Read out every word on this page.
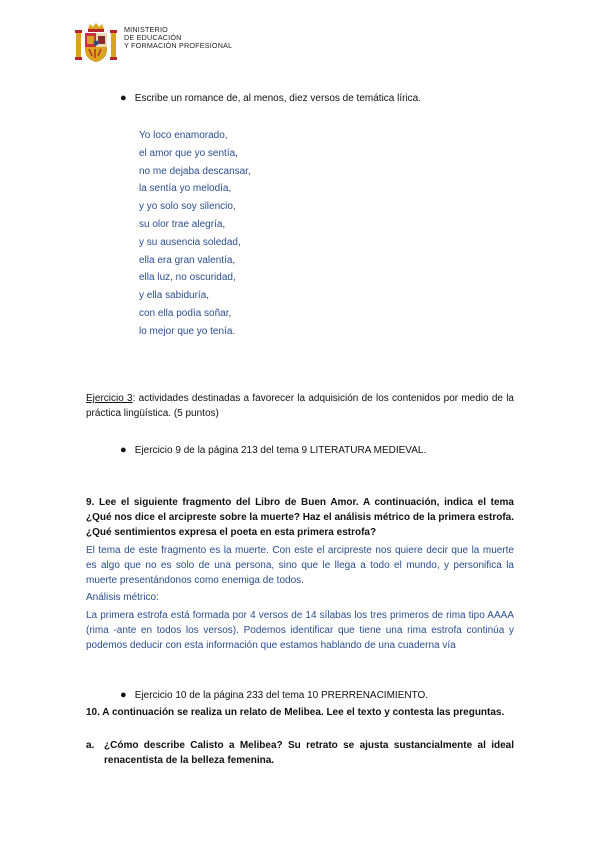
MINISTERIO
DE EDUCACIÓN
Y FORMACIÓN PROFESIONAL
● Escribe un romance de, al menos, diez versos de temática lírica.
Yo loco enamorado,
el amor que yo sentía,
no me dejaba descansar,
la sentía yo melodía,
y yo solo soy silencio,
su olor trae alegría,
y su ausencia soledad,
ella era gran valentía,
ella luz, no oscuridad,
y ella sabiduría,
con ella podía soñar,
lo mejor que yo tenía.
Ejercicio 3: actividades destinadas a favorecer la adquisición de los contenidos por medio de la práctica lingüística. (5 puntos)
● Ejercicio 9 de la página 213 del tema 9 LITERATURA MEDIEVAL.
9. Lee el siguiente fragmento del Libro de Buen Amor. A continuación, indica el tema ¿Qué nos dice el arcipreste sobre la muerte? Haz el análisis métrico de la primera estrofa. ¿Qué sentimientos expresa el poeta en esta primera estrofa?
El tema de este fragmento es la muerte. Con este el arcipreste nos quiere decir que la muerte es algo que no es solo de una persona, sino que le llega a todo el mundo, y personifica la muerte presentándonos como enemiga de todos.
Análisis métrico:
La primera estrofa está formada por 4 versos de 14 sílabas los tres primeros de rima tipo AAAA (rima -ante en todos los versos). Podemos identificar que tiene una rima estrofa continúa y podemos deducir con esta información que estamos hablando de una cuaderna vía
● Ejercicio 10 de la página 233 del tema 10 PRERRENACIMIENTO.
10. A continuación se realiza un relato de Melibea. Lee el texto y contesta las preguntas.
a. ¿Cómo describe Calisto a Melibea? Su retrato se ajusta sustancialmente al ideal renacentista de la belleza femenina.
